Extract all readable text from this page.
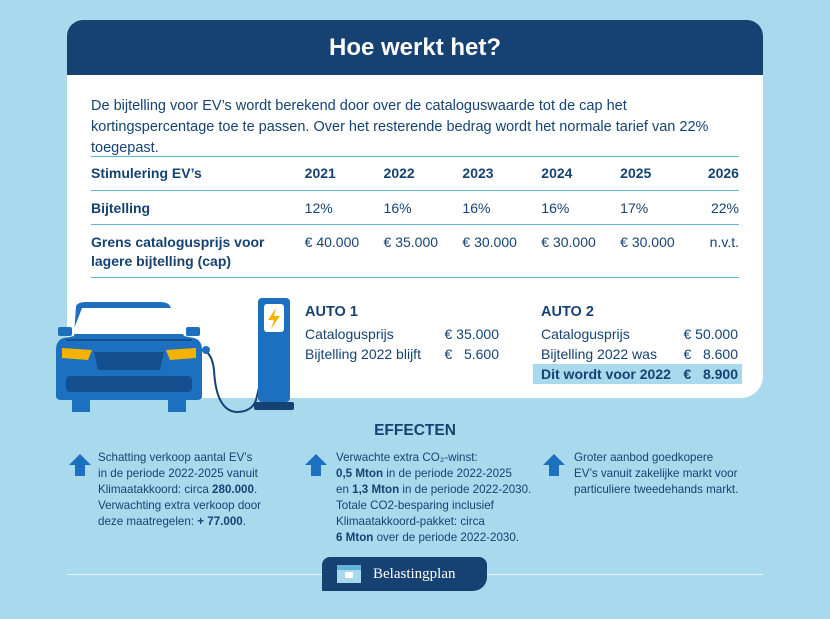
Hoe werkt het?

De bijtelling voor EV’s wordt berekend door over de cataloguswaarde tot de cap het kortingspercentage toe te passen. Over het resterende bedrag wordt het normale tarief van 22% toegepast.

Stimulering EV’s	2021	2022	2023	2024	2025	2026
Bijtelling	12%	16%	16%	16%	17%	22%
Grens catalogusprijs voor lagere bijtelling (cap)
€ 40.000	€ 35.000	€ 30.000	€ 30.000	€ 30.000	n.v.t.
AUTO 1
Catalogusprijs	€ 35.000
Bijtelling 2022 blijft €   5.600
AUTO 2
Catalogusprijs	€ 50.000
Bijtelling 2022 was €   8.600
Dit wordt voor 2022 €   8.900
EFFECTEN
Schatting verkoop aantal EV’s
in de periode 2022-2025 vanuit
Klimaatakkoord: circa 280.000.
Verwachting extra verkoop door
deze maatregelen: + 77.000.
Verwachte extra CO₂-winst:
0,5 Mton in de periode 2022-2025
en 1,3 Mton in de periode 2022-2030.
Totale CO2-besparing inclusief
Klimaatakkoord-pakket: circa
6 Mton over de periode 2022-2030.
Groter aanbod goedkopere
EV’s vanuit zakelijke markt voor
particuliere tweedehands markt.
Belastingplan
